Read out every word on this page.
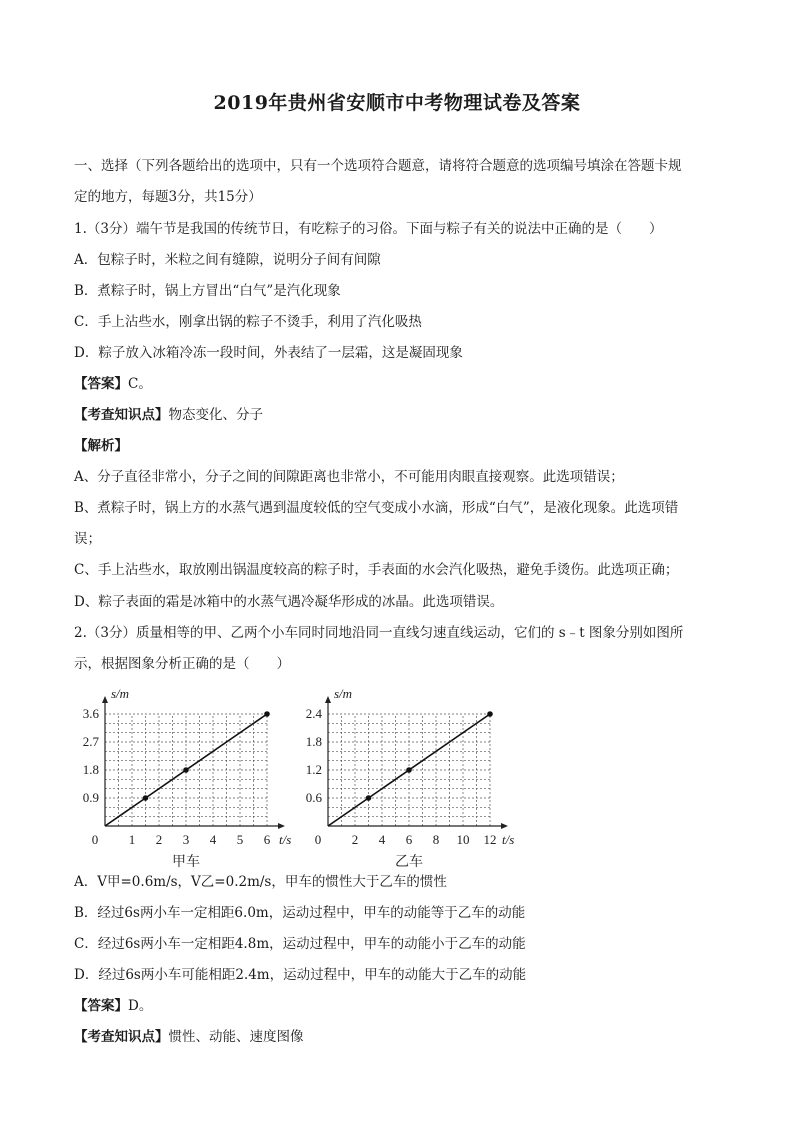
2019年贵州省安顺市中考物理试卷及答案
一、选择（下列各题给出的选项中，只有一个选项符合题意，请将符合题意的选项编号填涂在答题卡规
定的地方，每题3分，共15分）
1.（3分）端午节是我国的传统节日，有吃粽子的习俗。下面与粽子有关的说法中正确的是（　　）
A．包粽子时，米粒之间有缝隙，说明分子间有间隙
B．煮粽子时，锅上方冒出“白气”是汽化现象
C．手上沾些水，刚拿出锅的粽子不烫手，利用了汽化吸热
D．粽子放入冰箱冷冻一段时间，外表结了一层霜，这是凝固现象
【答案】C。
【考查知识点】物态变化、分子
【解析】
A、分子直径非常小，分子之间的间隙距离也非常小，不可能用肉眼直接观察。此选项错误；
B、煮粽子时，锅上方的水蒸气遇到温度较低的空气变成小水滴，形成“白气”，是液化现象。此选项错
误；
C、手上沾些水，取放刚出锅温度较高的粽子时，手表面的水会汽化吸热，避免手烫伤。此选项正确；
D、粽子表面的霜是冰箱中的水蒸气遇冷凝华形成的冰晶。此选项错误。
2.（3分）质量相等的甲、乙两个小车同时同地沿同一直线匀速直线运动，它们的 s﹣t 图象分别如图所
示，根据图象分析正确的是（　　）
0 1 2 3 4 5 6
0.9
1.8
2.7
3.6
t/s
s/m
甲车
0 2 4 6 8 10 12
0.6
1.2
1.8
2.4
t/s
s/m
乙车
A．V甲=0.6m/s，V乙=0.2m/s，甲车的惯性大于乙车的惯性
B．经过6s两小车一定相距6.0m，运动过程中，甲车的动能等于乙车的动能
C．经过6s两小车一定相距4.8m，运动过程中，甲车的动能小于乙车的动能
D．经过6s两小车可能相距2.4m，运动过程中，甲车的动能大于乙车的动能
【答案】D。
【考查知识点】惯性、动能、速度图像
